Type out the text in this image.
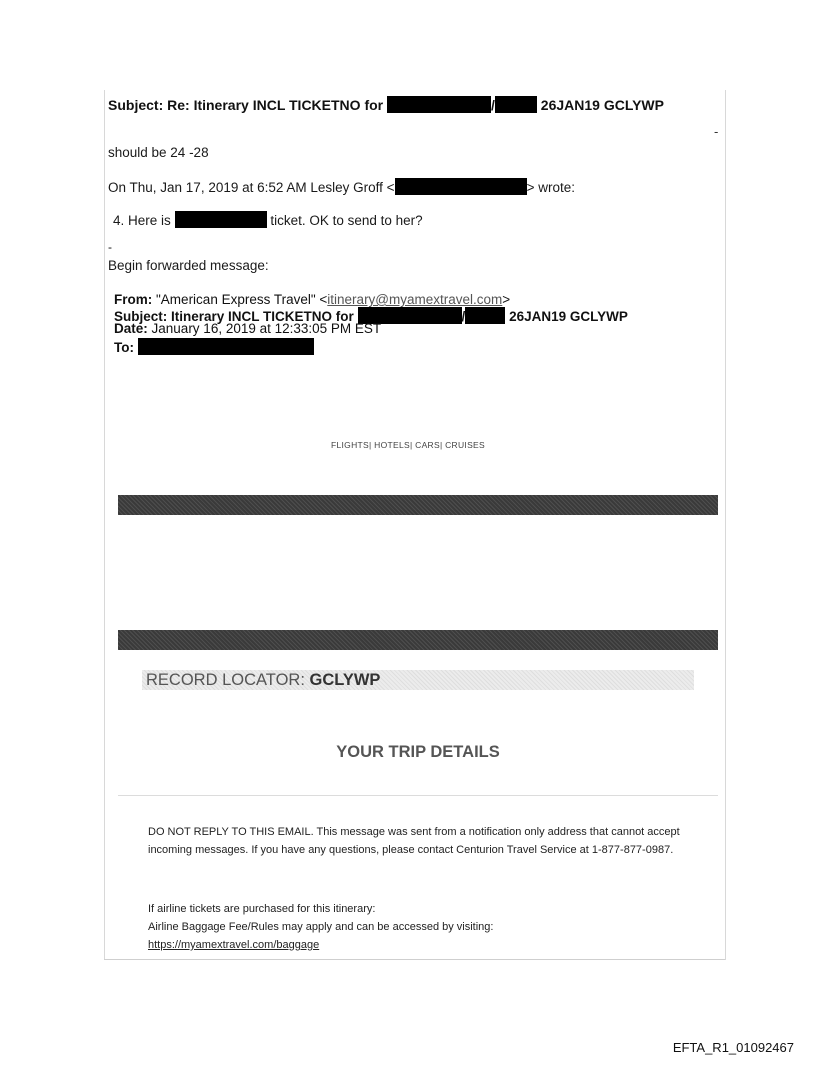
Subject: Re: Itinerary INCL TICKETNO for	/	26JAN19 GCLYWP
-
should be 24 -28
On Thu, Jan 17, 2019 at 6:52 AM Lesley Groff <	> wrote:
4. Here is	ticket. OK to send to her?
-
Begin forwarded message:
From: "American Express Travel" <itinerary@myamextravel.com>
Subject: Itinerary INCL TICKETNO for	/	26JAN19 GCLYWP
Date: January 16, 2019 at 12:33:05 PM EST
To:
FLIGHTS| HOTELS| CARS| CRUISES
RECORD LOCATOR: GCLYWP
YOUR TRIP DETAILS
DO NOT REPLY TO THIS EMAIL. This message was sent from a notification only address that cannot accept incoming messages. If you have any questions, please contact Centurion Travel Service at 1-877-877-0987.
If airline tickets are purchased for this itinerary:
Airline Baggage Fee/Rules may apply and can be accessed by visiting:
https://myamextravel.com/baggage
EFTA_R1_01092467
